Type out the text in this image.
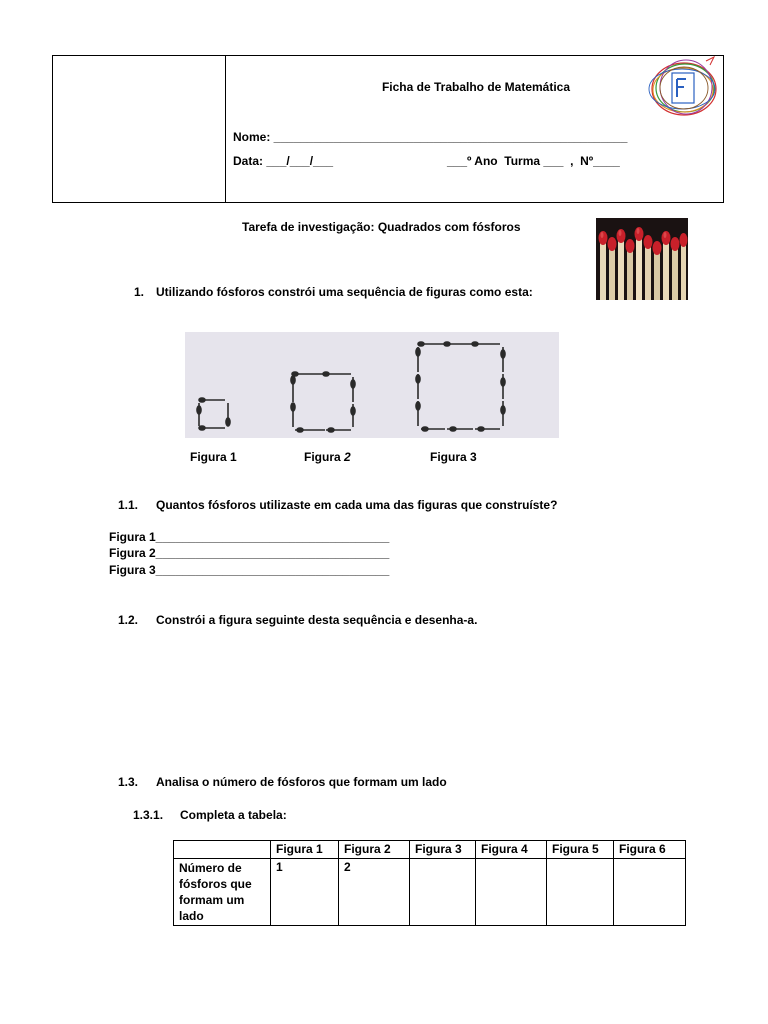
Ficha de Trabalho de Matemática
Nome: _____________________________________________________
Data: ___/___/___	___º Ano  Turma ___  ,  Nº____
Tarefa de investigação: Quadrados com fósforos
1. Utilizando fósforos constrói uma sequência de figuras como esta:
Figura 1	Figura 2	Figura 3
1.1. Quantos fósforos utilizaste em cada uma das figuras que construíste?
Figura 1___________________________________
Figura 2___________________________________
Figura 3___________________________________
1.2. Constrói a figura seguinte desta sequência e desenha-a.
1.3. Analisa o número de fósforos que formam um lado
1.3.1. Completa a tabela:
	Figura 1	Figura 2	Figura 3	Figura 4	Figura 5	Figura 6
Número de fósforos que formam um lado	1	2				
